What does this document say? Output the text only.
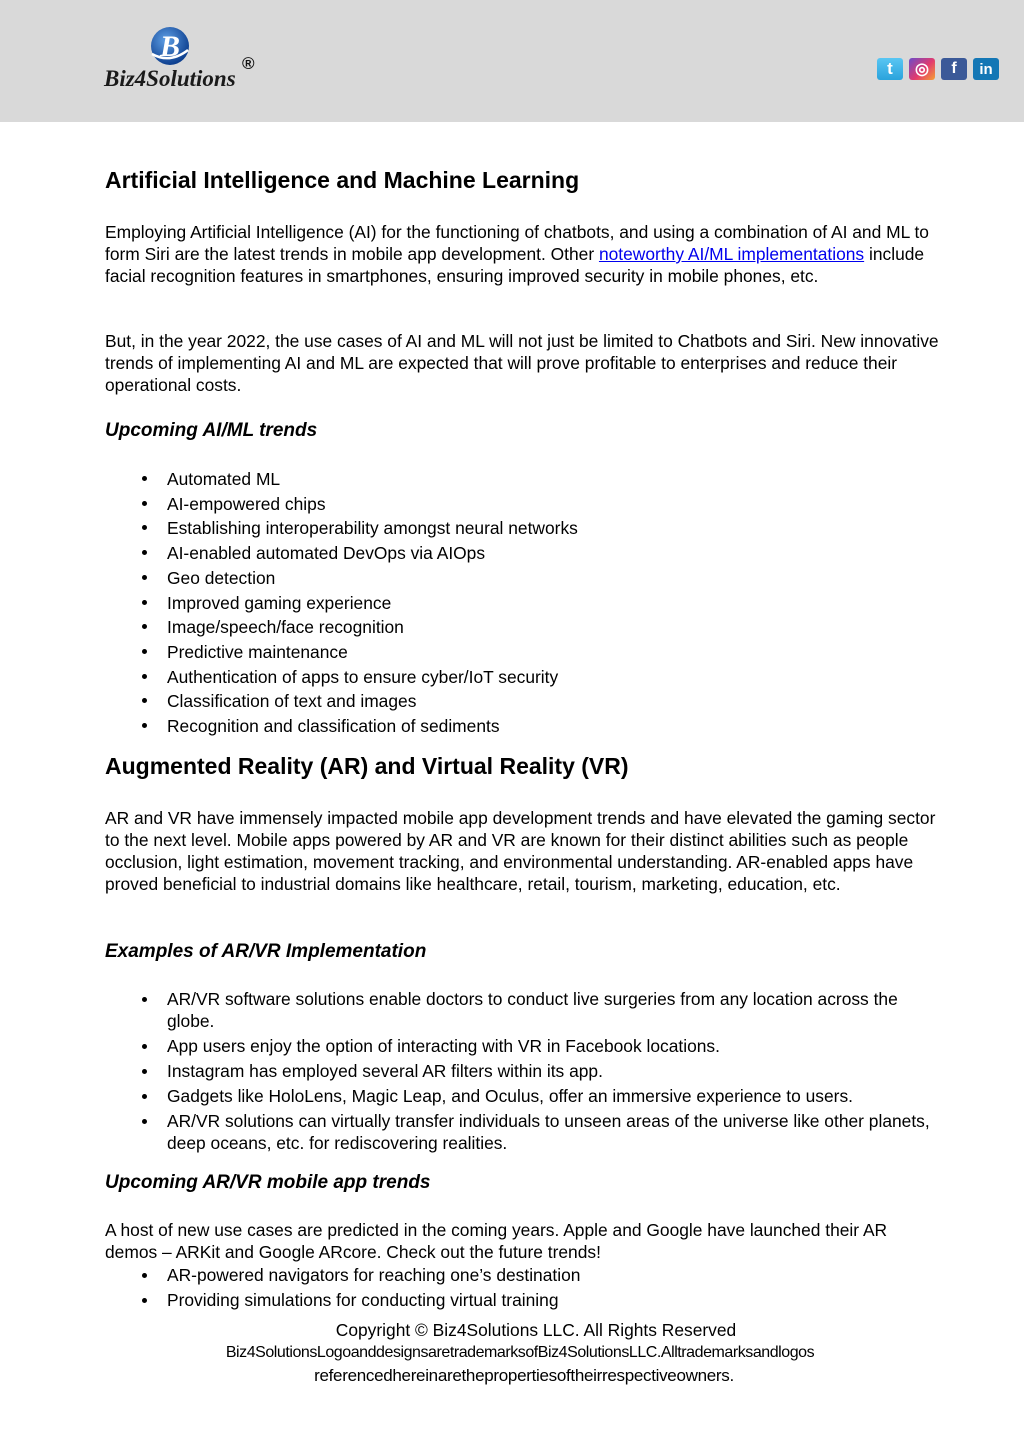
B
Biz4Solutions
®	t	◎	f	in
Artificial Intelligence and Machine Learning

Employing Artificial Intelligence (AI) for the functioning of chatbots, and using a combination of AI and ML to form Siri are the latest trends in mobile app development. Other noteworthy AI/ML implementations include facial recognition features in smartphones, ensuring improved security in mobile phones, etc.

But, in the year 2022, the use cases of AI and ML will not just be limited to Chatbots and Siri. New innovative trends of implementing AI and ML are expected that will prove profitable to enterprises and reduce their operational costs.

Upcoming AI/ML trends
Automated ML
AI-empowered chips
Establishing interoperability amongst neural networks
AI-enabled automated DevOps via AIOps
Geo detection
Improved gaming experience
Image/speech/face recognition
Predictive maintenance
Authentication of apps to ensure cyber/IoT security
Classification of text and images
Recognition and classification of sediments
Augmented Reality (AR) and Virtual Reality (VR)

AR and VR have immensely impacted mobile app development trends and have elevated the gaming sector to the next level. Mobile apps powered by AR and VR are known for their distinct abilities such as people occlusion, light estimation, movement tracking, and environmental understanding. AR-enabled apps have proved beneficial to industrial domains like healthcare, retail, tourism, marketing, education, etc.

Examples of AR/VR Implementation
AR/VR software solutions enable doctors to conduct live surgeries from any location across the globe.
App users enjoy the option of interacting with VR in Facebook locations.
Instagram has employed several AR filters within its app.
Gadgets like HoloLens, Magic Leap, and Oculus, offer an immersive experience to users.
AR/VR solutions can virtually transfer individuals to unseen areas of the universe like other planets, deep oceans, etc. for rediscovering realities.
Upcoming AR/VR mobile app trends

A host of new use cases are predicted in the coming years. Apple and Google have launched their AR demos – ARKit and Google ARcore. Check out the future trends!

AR-powered navigators for reaching one’s destination
Providing simulations for conducting virtual training
Copyright © Biz4Solutions LLC. All Rights Reserved
Biz4SolutionsLogoanddesignsaretrademarksofBiz4SolutionsLLC.Alltrademarksandlogos
referencedhereinarethepropertiesoftheirrespectiveowners.
